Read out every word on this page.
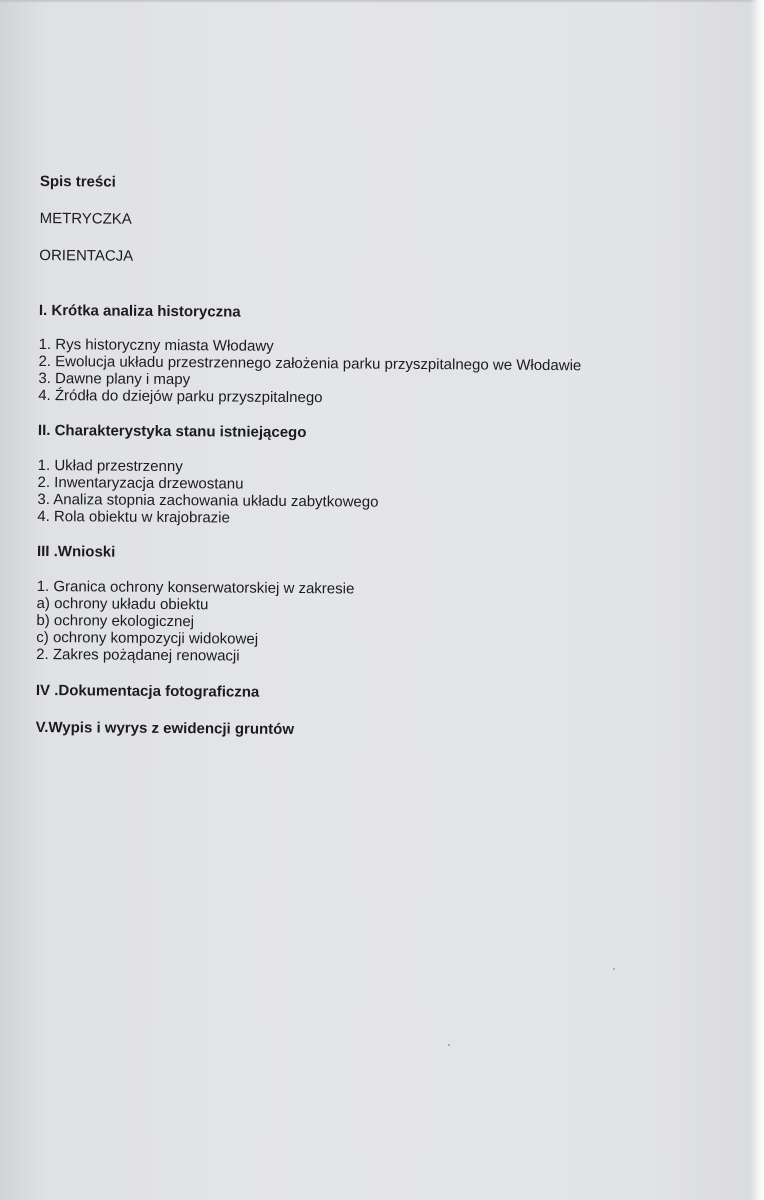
Spis treści
METRYCZKA
ORIENTACJA
I. Krótka analiza historyczna
1. Rys historyczny miasta Włodawy
2. Ewolucja układu przestrzennego założenia parku przyszpitalnego we Włodawie
3. Dawne plany i mapy
4. Źródła do dziejów parku przyszpitalnego
II. Charakterystyka stanu istniejącego
1. Układ przestrzenny
2. Inwentaryzacja drzewostanu
3. Analiza stopnia zachowania układu zabytkowego
4. Rola obiektu w krajobrazie
III .Wnioski
1. Granica ochrony konserwatorskiej w zakresie
a) ochrony układu obiektu
b) ochrony ekologicznej
c) ochrony kompozycji widokowej
2. Zakres pożądanej renowacji
IV .Dokumentacja fotograficzna
V.Wypis i wyrys z ewidencji gruntów
